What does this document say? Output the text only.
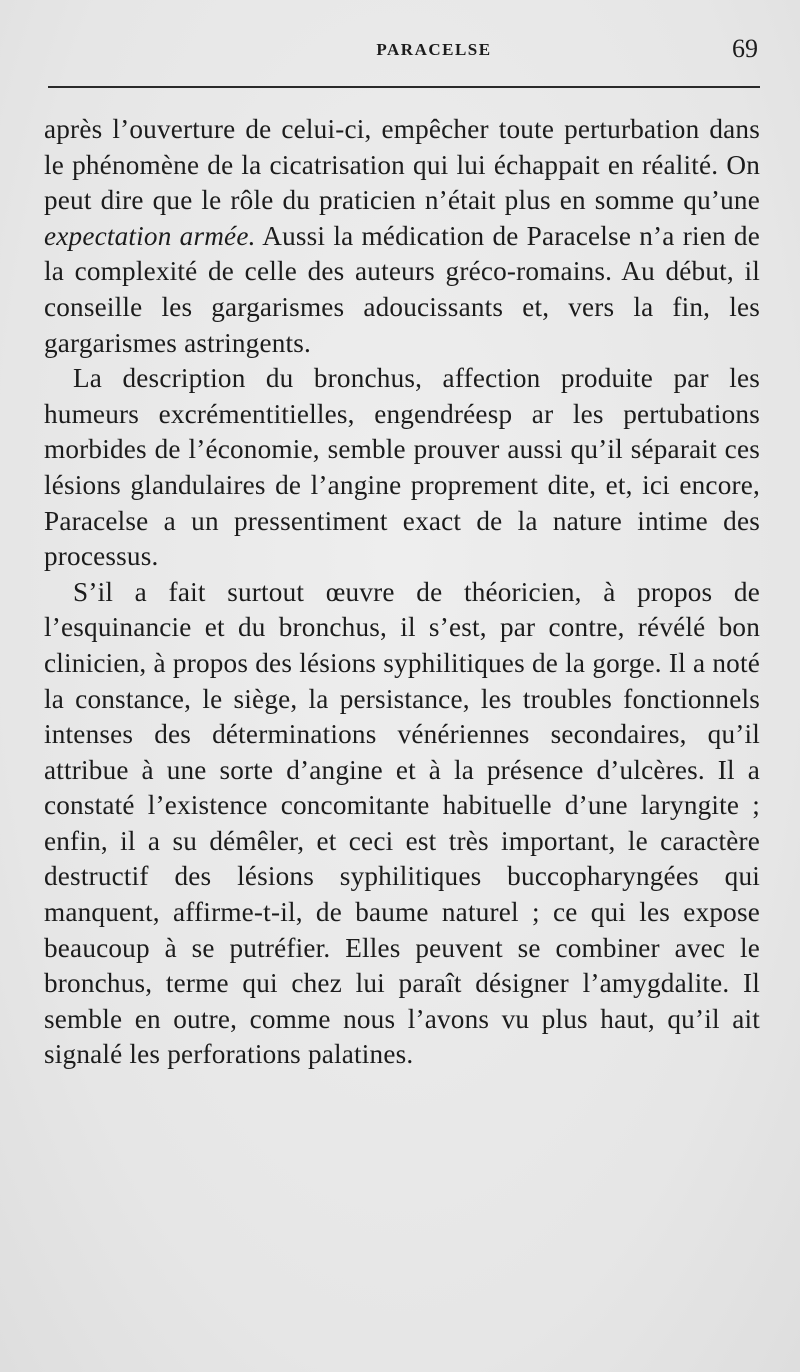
PARACELSE	69

après l’ouverture de celui-ci, empêcher toute perturbation dans le phénomène de la cicatrisation qui lui échappait en réalité. On peut dire que le rôle du praticien n’était plus en somme qu’une expectation armée. Aussi la médication de Paracelse n’a rien de la complexité de celle des auteurs gréco-romains. Au début, il conseille les gargarismes adoucissants et, vers la fin, les gargarismes astringents.

La description du bronchus, affection produite par les humeurs excrémentitielles, engendréesp ar les pertubations morbides de l’économie, semble prouver aussi qu’il séparait ces lésions glandulaires de l’angine proprement dite, et, ici encore, Paracelse a un pressentiment exact de la nature intime des processus.

S’il a fait surtout œuvre de théoricien, à propos de l’esquinancie et du bronchus, il s’est, par contre, révélé bon clinicien, à propos des lésions syphilitiques de la gorge. Il a noté la constance, le siège, la persistance, les troubles fonctionnels intenses des déterminations vénériennes secondaires, qu’il attribue à une sorte d’angine et à la présence d’ulcères. Il a constaté l’existence concomitante habituelle d’une laryngite ; enfin, il a su démêler, et ceci est très important, le caractère destructif des lésions syphilitiques buccopharyngées qui manquent, affirme-t-il, de baume naturel ; ce qui les expose beaucoup à se putréfier. Elles peuvent se combiner avec le bronchus, terme qui chez lui paraît désigner l’amygdalite. Il semble en outre, comme nous l’avons vu plus haut, qu’il ait signalé les perforations palatines.
